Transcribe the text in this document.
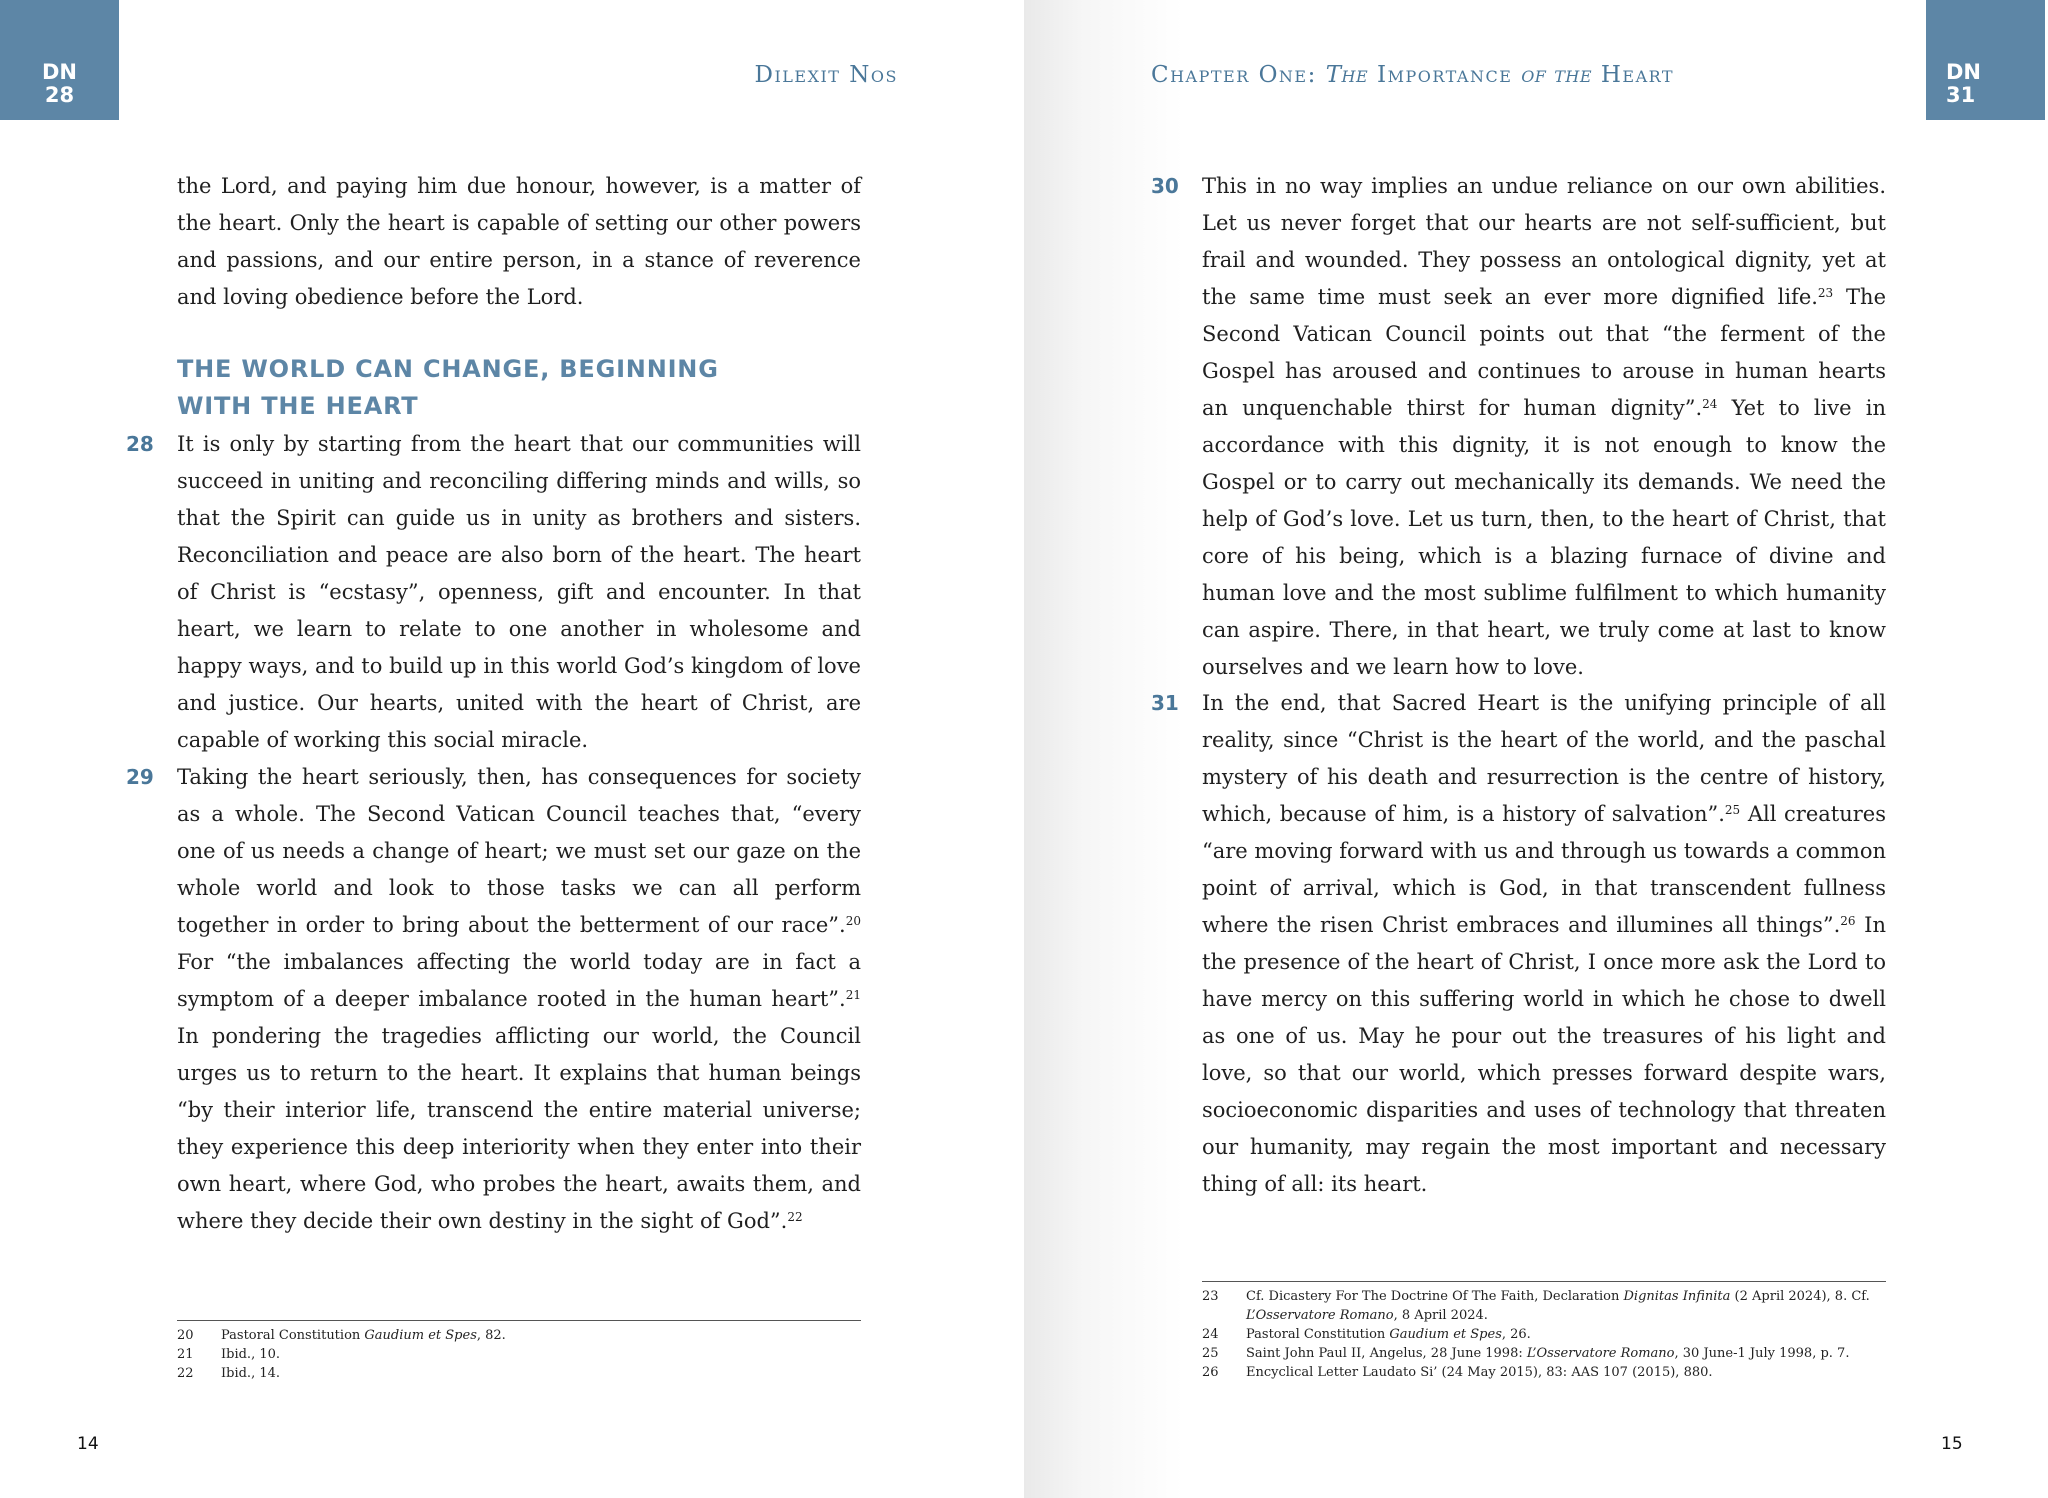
DN
28
Dilexit Nos

the Lord, and paying him due honour, however, is a matter of the heart. Only the heart is capable of setting our other powers and passions, and our entire person, in a stance of reverence and loving obedience before the Lord.

THE WORLD CAN CHANGE, BEGINNING WITH THE HEART
28 It is only by starting from the heart that our communities will succeed in uniting and reconciling differing minds and wills, so that the Spirit can guide us in unity as brothers and sisters. Reconciliation and peace are also born of the heart. The heart of Christ is “ecstasy”, openness, gift and encounter. In that heart, we learn to relate to one another in wholesome and happy ways, and to build up in this world God’s kingdom of love and justice. Our hearts, united with the heart of Christ, are capable of working this social miracle.

29 Taking the heart seriously, then, has consequences for society as a whole. The Second Vatican Council teaches that, “every one of us needs a change of heart; we must set our gaze on the whole world and look to those tasks we can all perform together in order to bring about the betterment of our race”.$^{20}$ For “the imbalances affecting the world today are in fact a symptom of a deeper imbalance rooted in the human heart”.$^{21}$ In pondering the tragedies afflicting our world, the Council urges us to return to the heart. It explains that human beings “by their interior life, transcend the entire material universe; they experience this deep interiority when they enter into their own heart, where God, who probes the heart, awaits them, and where they decide their own destiny in the sight of God”.$^{22}$

20 Pastoral Constitution Gaudium et Spes, 82.
21 Ibid., 10.
22 Ibid., 14.
14
Chapter One: The Importance of the Heart	DN
31
30 This in no way implies an undue reliance on our own abilities. Let us never forget that our hearts are not self-sufficient, but frail and wounded. They possess an ontological dignity, yet at the same time must seek an ever more dignified life.$^{23}$ The Second Vatican Council points out that “the ferment of the Gospel has aroused and continues to arouse in human hearts an unquenchable thirst for human dignity”.$^{24}$ Yet to live in accordance with this dignity, it is not enough to know the Gospel or to carry out mechanically its demands. We need the help of God’s love. Let us turn, then, to the heart of Christ, that core of his being, which is a blazing furnace of divine and human love and the most sublime fulfilment to which humanity can aspire. There, in that heart, we truly come at last to know ourselves and we learn how to love.

31 In the end, that Sacred Heart is the unifying principle of all reality, since “Christ is the heart of the world, and the paschal mystery of his death and resurrection is the centre of history, which, because of him, is a history of salvation”.$^{25}$ All creatures “are moving forward with us and through us towards a common point of arrival, which is God, in that transcendent fullness where the risen Christ embraces and illumines all things”.$^{26}$ In the presence of the heart of Christ, I once more ask the Lord to have mercy on this suffering world in which he chose to dwell as one of us. May he pour out the treasures of his light and love, so that our world, which presses forward despite wars, socioeconomic disparities and uses of technology that threaten our humanity, may regain the most important and necessary thing of all: its heart.

23 Cf. Dicastery For The Doctrine Of The Faith, Declaration Dignitas Infinita (2 April 2024), 8. Cf. L’Osservatore Romano, 8 April 2024.
24 Pastoral Constitution Gaudium et Spes, 26.
25 Saint John Paul II, Angelus, 28 June 1998: L’Osservatore Romano, 30 June-1 July 1998, p. 7.
26 Encyclical Letter Laudato Si’ (24 May 2015), 83: AAS 107 (2015), 880.
15
